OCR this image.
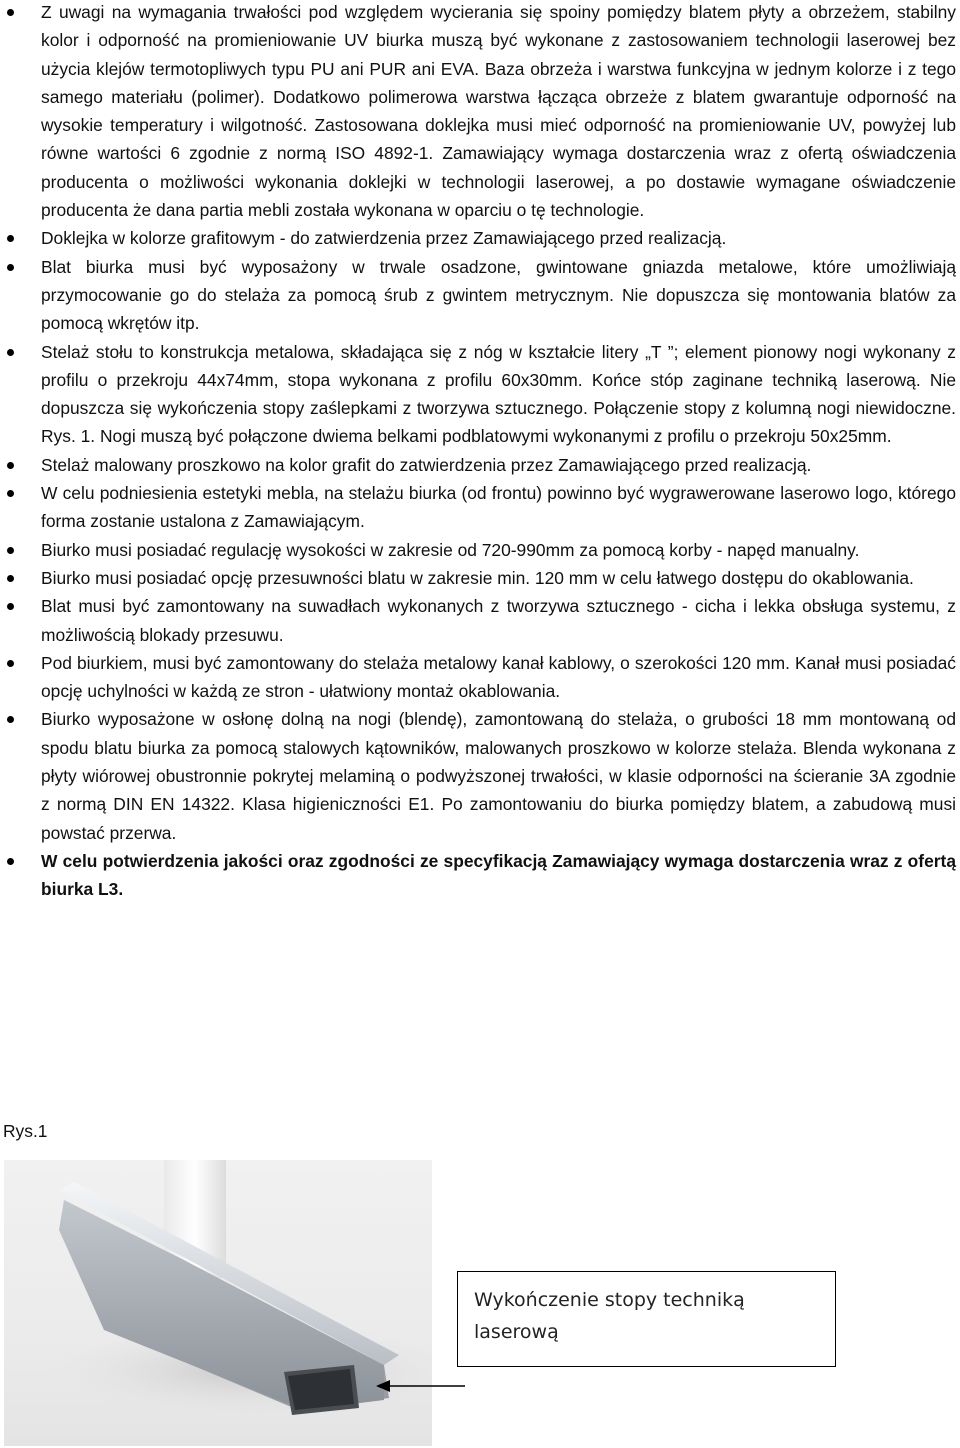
Z uwagi na wymagania trwałości pod względem wycierania się spoiny pomiędzy blatem płyty a obrzeżem, stabilny kolor i odporność na promieniowanie UV biurka muszą być wykonane z zastosowaniem technologii laserowej bez użycia klejów termotopliwych typu PU ani PUR ani EVA. Baza obrzeża i warstwa funkcyjna w jednym kolorze i z tego samego materiału (polimer). Dodatkowo polimerowa warstwa łącząca obrzeże z blatem gwarantuje odporność na wysokie temperatury i wilgotność. Zastosowana doklejka musi mieć odporność na promieniowanie UV, powyżej lub równe wartości 6 zgodnie z normą ISO 4892-1. Zamawiający wymaga dostarczenia wraz z ofertą oświadczenia producenta o możliwości wykonania doklejki w technologii laserowej, a po dostawie wymagane oświadczenie producenta że dana partia mebli została wykonana w oparciu o tę technologie.
Doklejka w kolorze grafitowym - do zatwierdzenia przez Zamawiającego przed realizacją.
Blat biurka musi być wyposażony w trwale osadzone, gwintowane gniazda metalowe, które umożliwiają przymocowanie go do stelaża za pomocą śrub z gwintem metrycznym. Nie dopuszcza się montowania blatów za pomocą wkrętów itp.
Stelaż stołu to konstrukcja metalowa, składająca się z nóg w kształcie litery „T ”; element pionowy nogi wykonany z profilu o przekroju 44x74mm, stopa wykonana z profilu 60x30mm. Końce stóp zaginane techniką laserową. Nie dopuszcza się wykończenia stopy zaślepkami z tworzywa sztucznego. Połączenie stopy z kolumną nogi niewidoczne. Rys. 1. Nogi muszą być połączone dwiema belkami podblatowymi wykonanymi z profilu o przekroju 50x25mm.
Stelaż malowany proszkowo na kolor grafit do zatwierdzenia przez Zamawiającego przed realizacją.
W celu podniesienia estetyki mebla, na stelażu biurka (od frontu) powinno być wygrawerowane laserowo logo, którego forma zostanie ustalona z Zamawiającym.
Biurko musi posiadać regulację wysokości w zakresie od 720-990mm za pomocą korby - napęd manualny.
Biurko musi posiadać opcję przesuwności blatu w zakresie min. 120 mm w celu łatwego dostępu do okablowania.
Blat musi być zamontowany na suwadłach wykonanych z tworzywa sztucznego - cicha i lekka obsługa systemu, z możliwością blokady przesuwu.
Pod biurkiem, musi być zamontowany do stelaża metalowy kanał kablowy, o szerokości 120 mm. Kanał musi posiadać opcję uchylności w każdą ze stron - ułatwiony montaż okablowania.
Biurko wyposażone w osłonę dolną na nogi (blendę), zamontowaną do stelaża, o grubości 18 mm montowaną od spodu blatu biurka za pomocą stalowych kątowników, malowanych proszkowo w kolorze stelaża. Blenda wykonana z płyty wiórowej obustronnie pokrytej melaminą o podwyższonej trwałości, w klasie odporności na ścieranie 3A zgodnie z normą DIN EN 14322. Klasa higieniczności E1. Po zamontowaniu do biurka pomiędzy blatem, a zabudową musi powstać przerwa.
W celu potwierdzenia jakości oraz zgodności ze specyfikacją Zamawiający wymaga dostarczenia wraz z ofertą biurka L3.
Rys.1
Wykończenie stopy techniką laserową
